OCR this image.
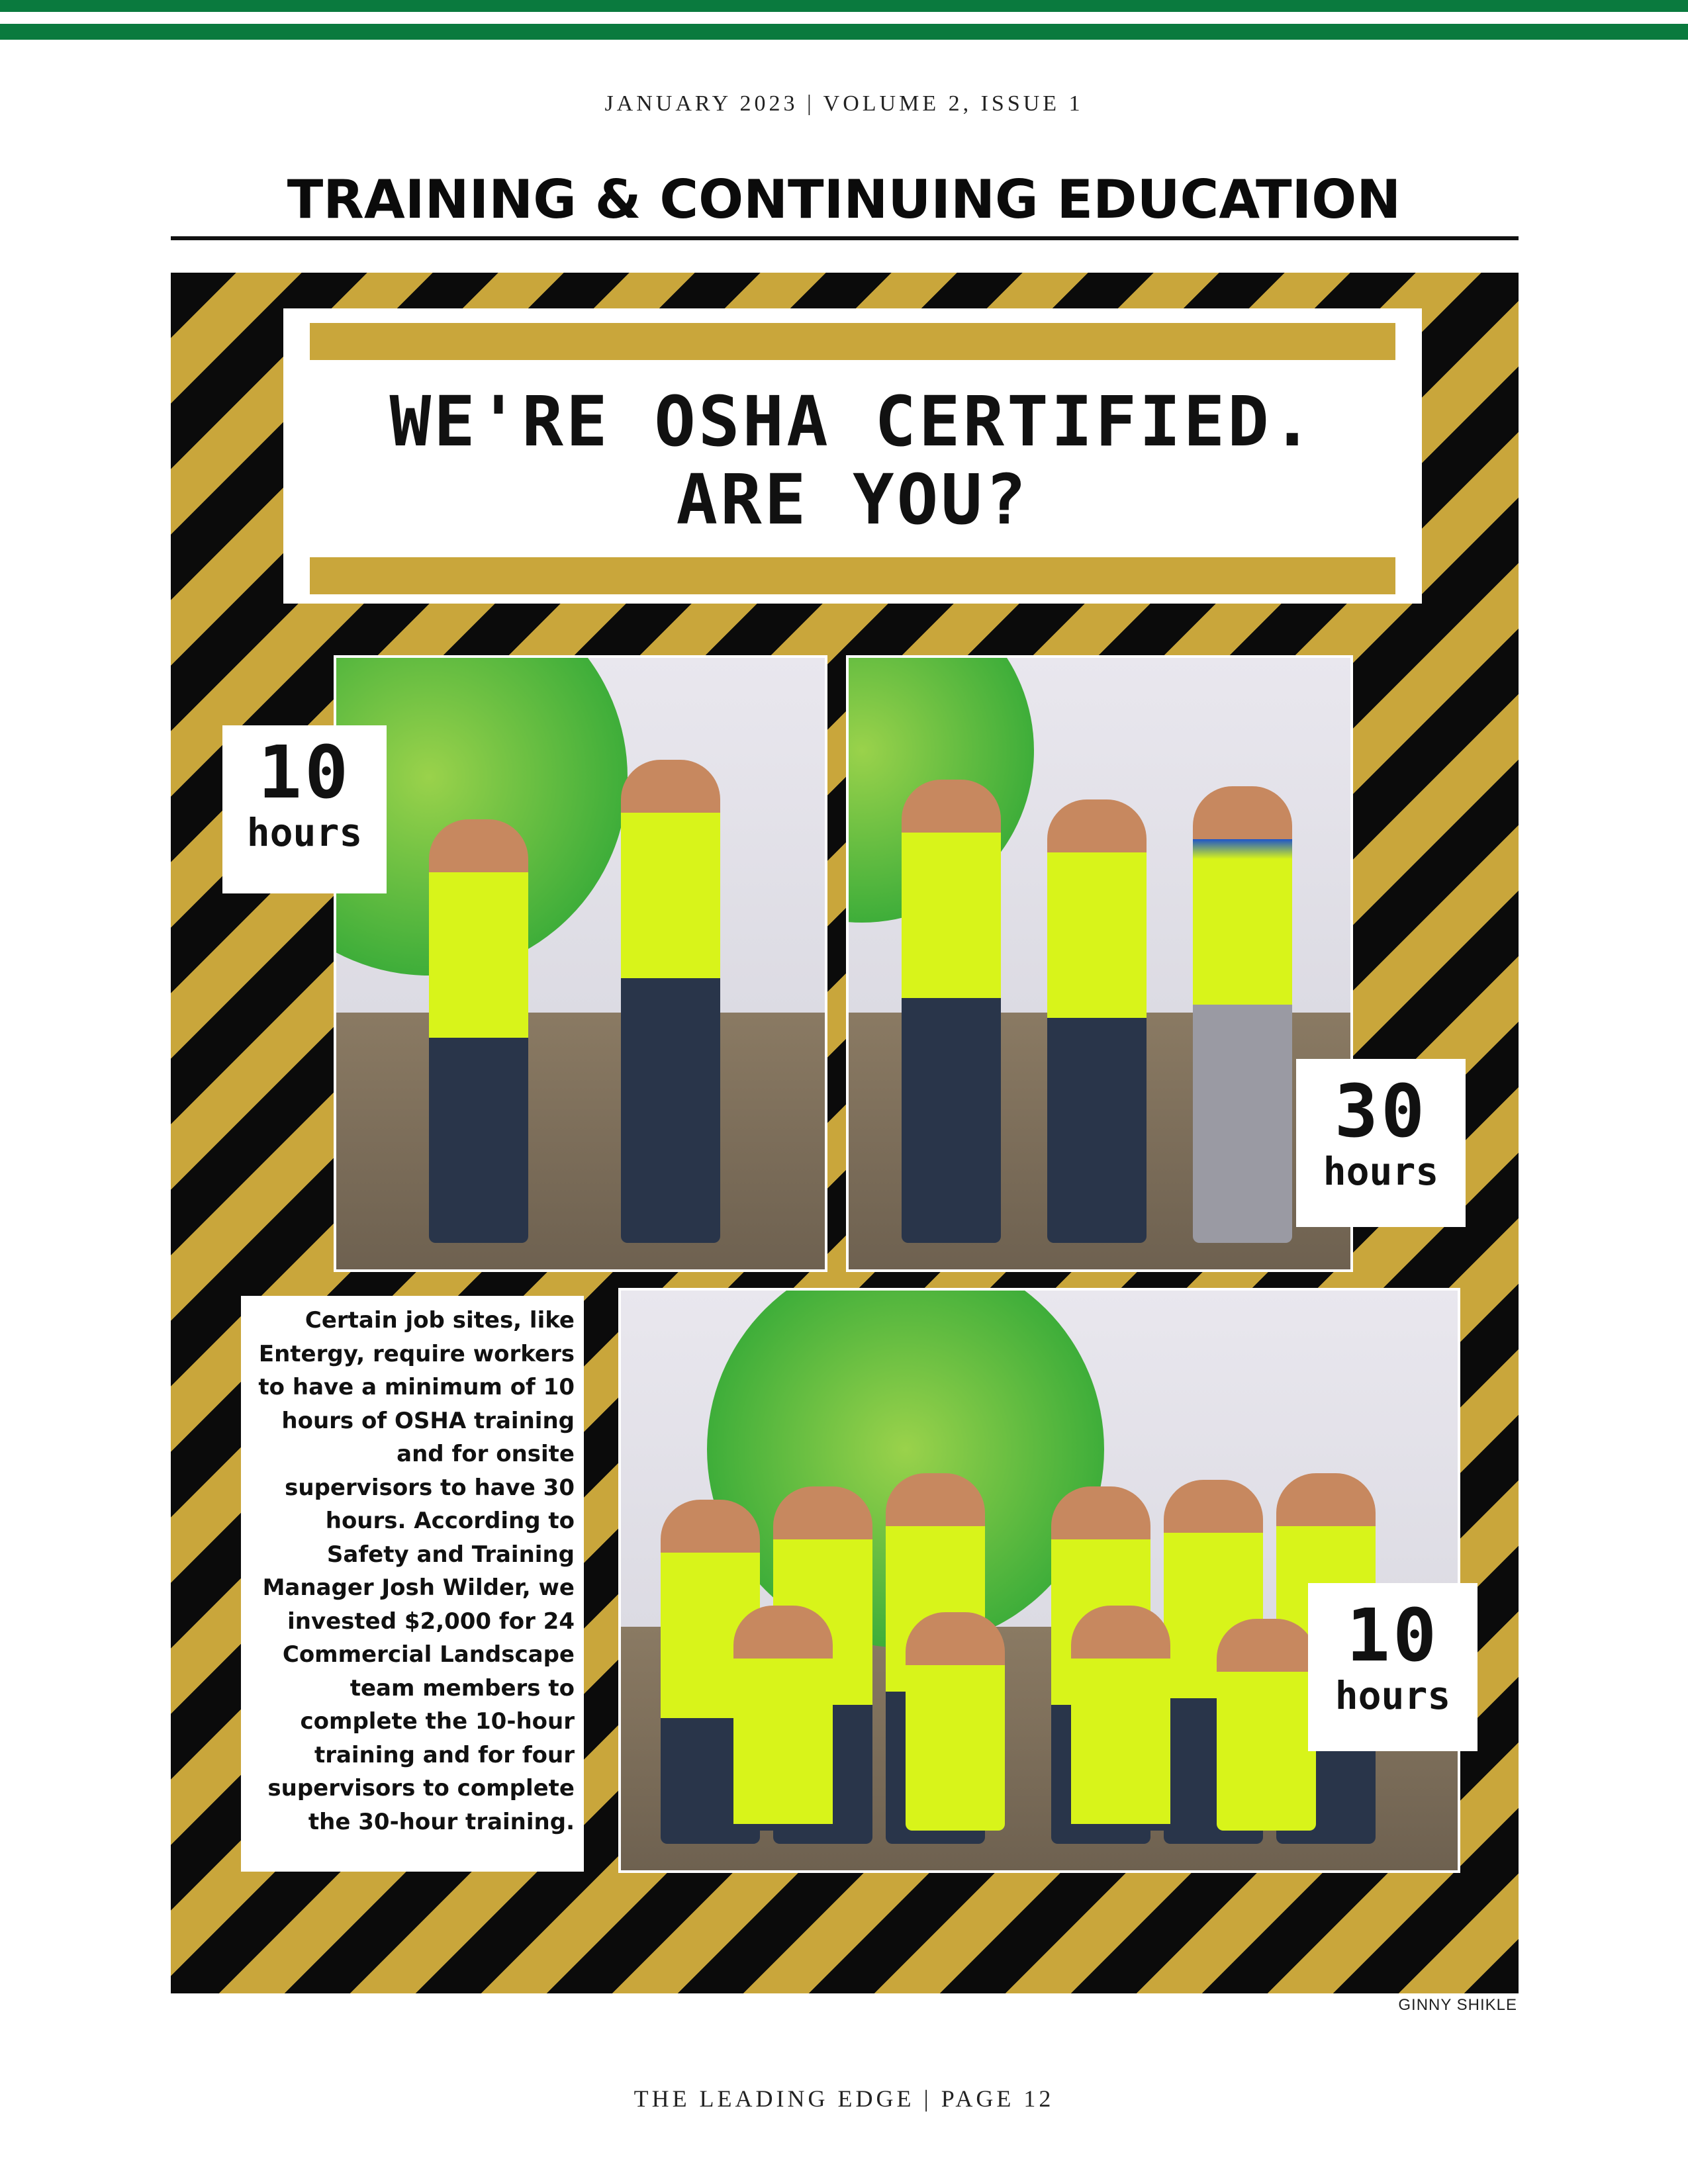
JANUARY 2023 | VOLUME 2, ISSUE 1
TRAINING & CONTINUING EDUCATION
WE'RE OSHA CERTIFIED.
ARE YOU?
10
hours
30
hours
10
hours
Certain job sites, like Entergy, require workers to have a minimum of 10 hours of OSHA training and for onsite supervisors to have 30 hours. According to Safety and Training Manager Josh Wilder, we invested $2,000 for 24 Commercial Landscape team members to complete the 10-hour training and for four supervisors to complete the 30-hour training.
GINNY SHIKLE
THE LEADING EDGE | PAGE 12
